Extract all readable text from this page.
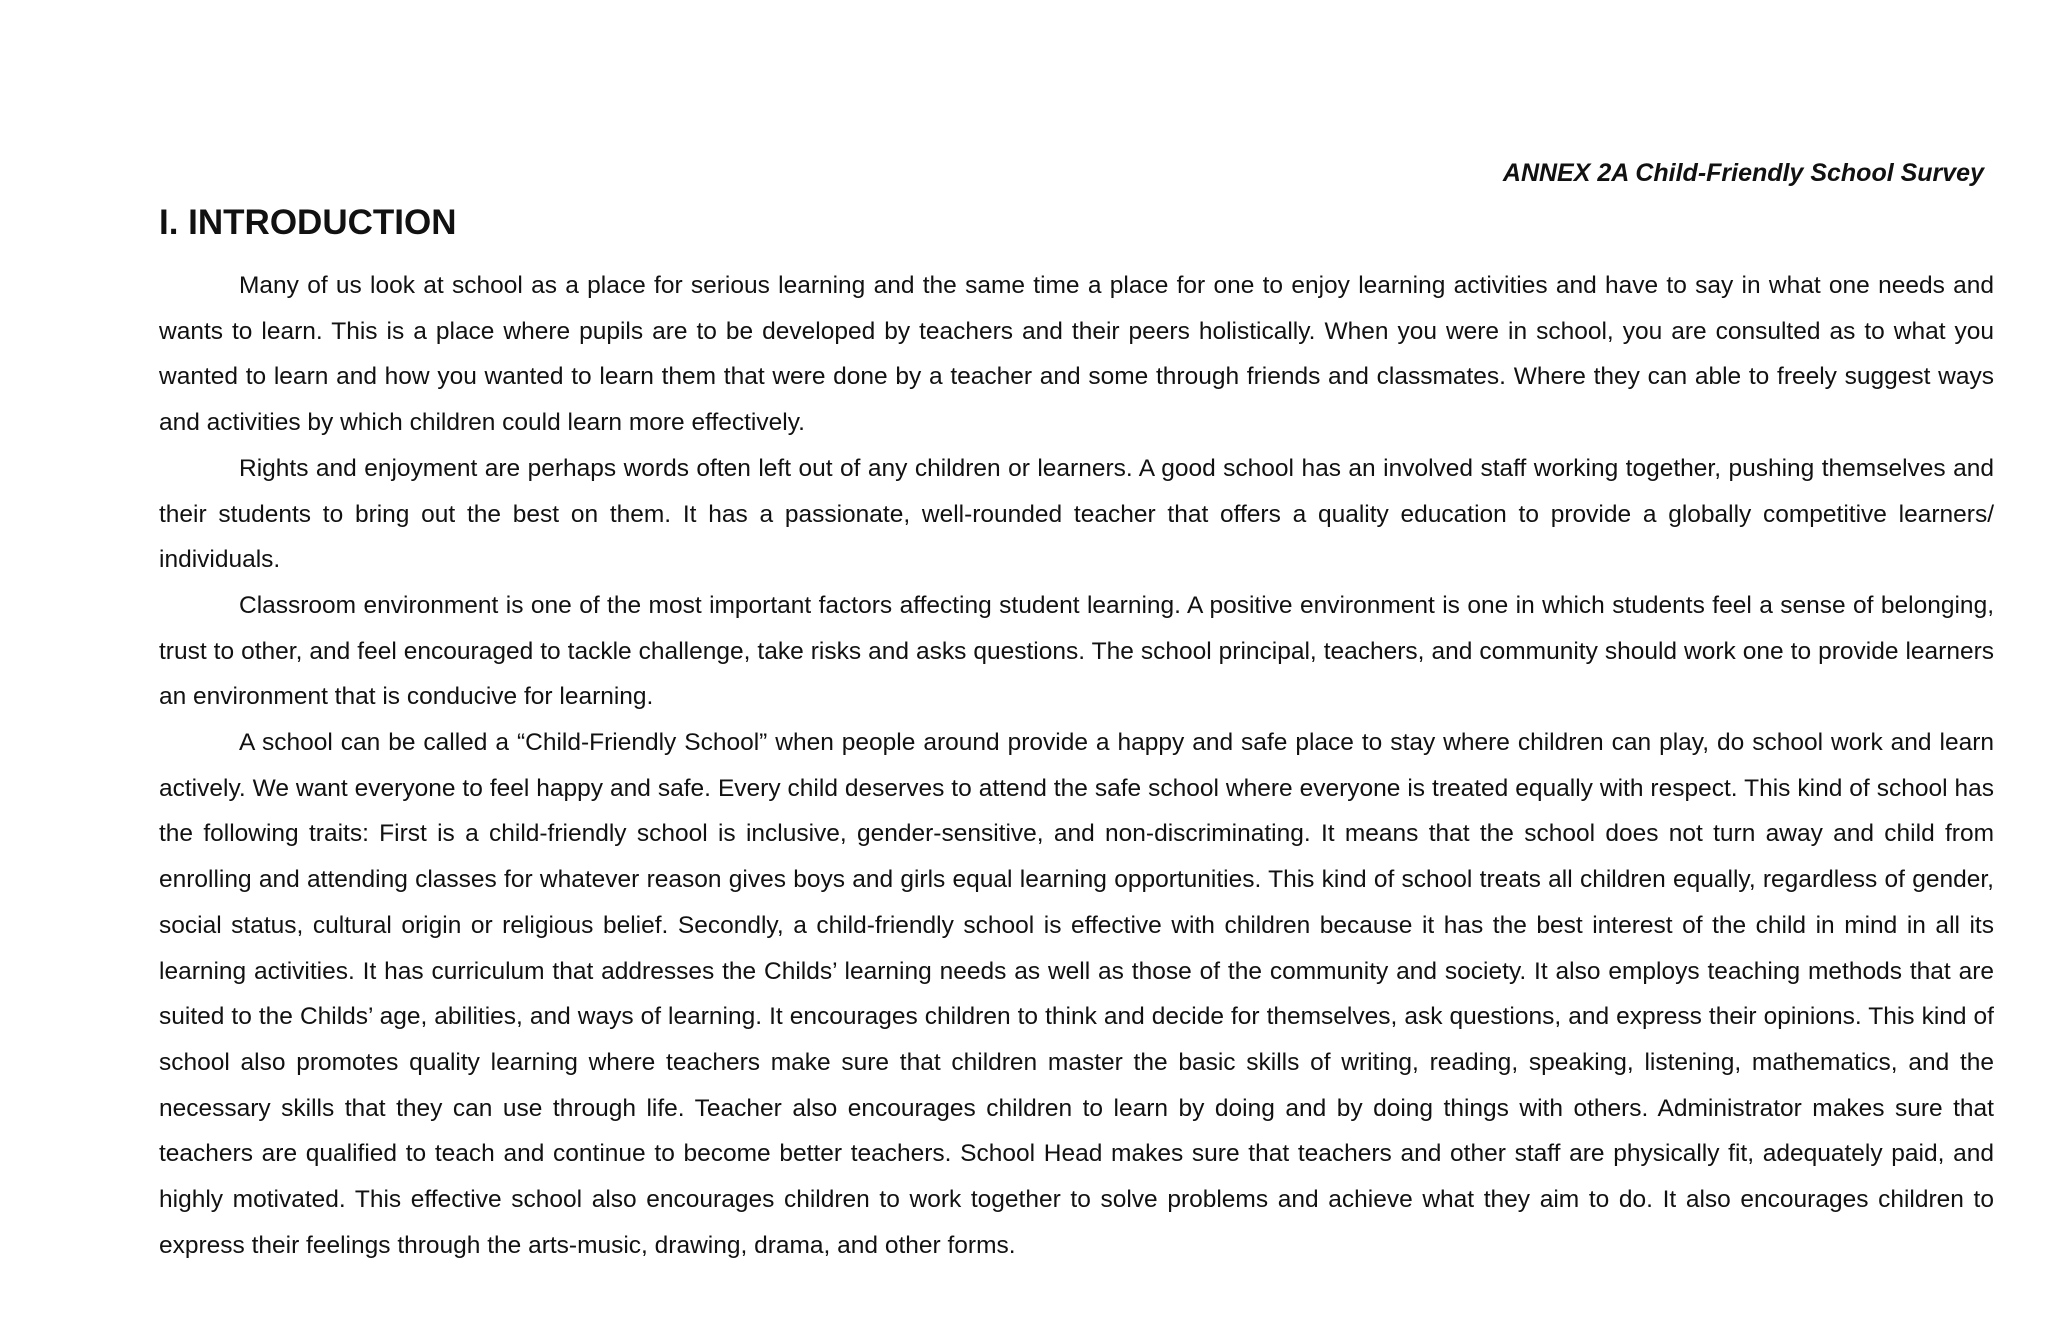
ANNEX 2A Child-Friendly School Survey
I. INTRODUCTION

Many of us look at school as a place for serious learning and the same time a place for one to enjoy learning activities and have to say in what one needs and wants to learn. This is a place where pupils are to be developed by teachers and their peers holistically. When you were in school, you are consulted as to what you wanted to learn and how you wanted to learn them that were done by a teacher and some through friends and classmates. Where they can able to freely suggest ways and activities by which children could learn more effectively.

Rights and enjoyment are perhaps words often left out of any children or learners. A good school has an involved staff working together, pushing themselves and their students to bring out the best on them. It has a passionate, well-rounded teacher that offers a quality education to provide a globally competitive learners/ individuals.

Classroom environment is one of the most important factors affecting student learning. A positive environment is one in which students feel a sense of belonging, trust to other, and feel encouraged to tackle challenge, take risks and asks questions. The school principal, teachers, and community should work one to provide learners an environment that is conducive for learning.

A school can be called a “Child-Friendly School” when people around provide a happy and safe place to stay where children can play, do school work and learn actively. We want everyone to feel happy and safe. Every child deserves to attend the safe school where everyone is treated equally with respect. This kind of school has the following traits: First is a child-friendly school is inclusive, gender-sensitive, and non-discriminating. It means that the school does not turn away and child from enrolling and attending classes for whatever reason gives boys and girls equal learning opportunities. This kind of school treats all children equally, regardless of gender, social status, cultural origin or religious belief. Secondly, a child-friendly school is effective with children because it has the best interest of the child in mind in all its learning activities. It has curriculum that addresses the Childs’ learning needs as well as those of the community and society. It also employs teaching methods that are suited to the Childs’ age, abilities, and ways of learning. It encourages children to think and decide for themselves, ask questions, and express their opinions. This kind of school also promotes quality learning where teachers make sure that children master the basic skills of writing, reading, speaking, listening, mathematics, and the necessary skills that they can use through life. Teacher also encourages children to learn by doing and by doing things with others. Administrator makes sure that teachers are qualified to teach and continue to become better teachers. School Head makes sure that teachers and other staff are physically fit, adequately paid, and highly motivated. This effective school also encourages children to work together to solve problems and achieve what they aim to do. It also encourages children to express their feelings through the arts-music, drawing, drama, and other forms.
